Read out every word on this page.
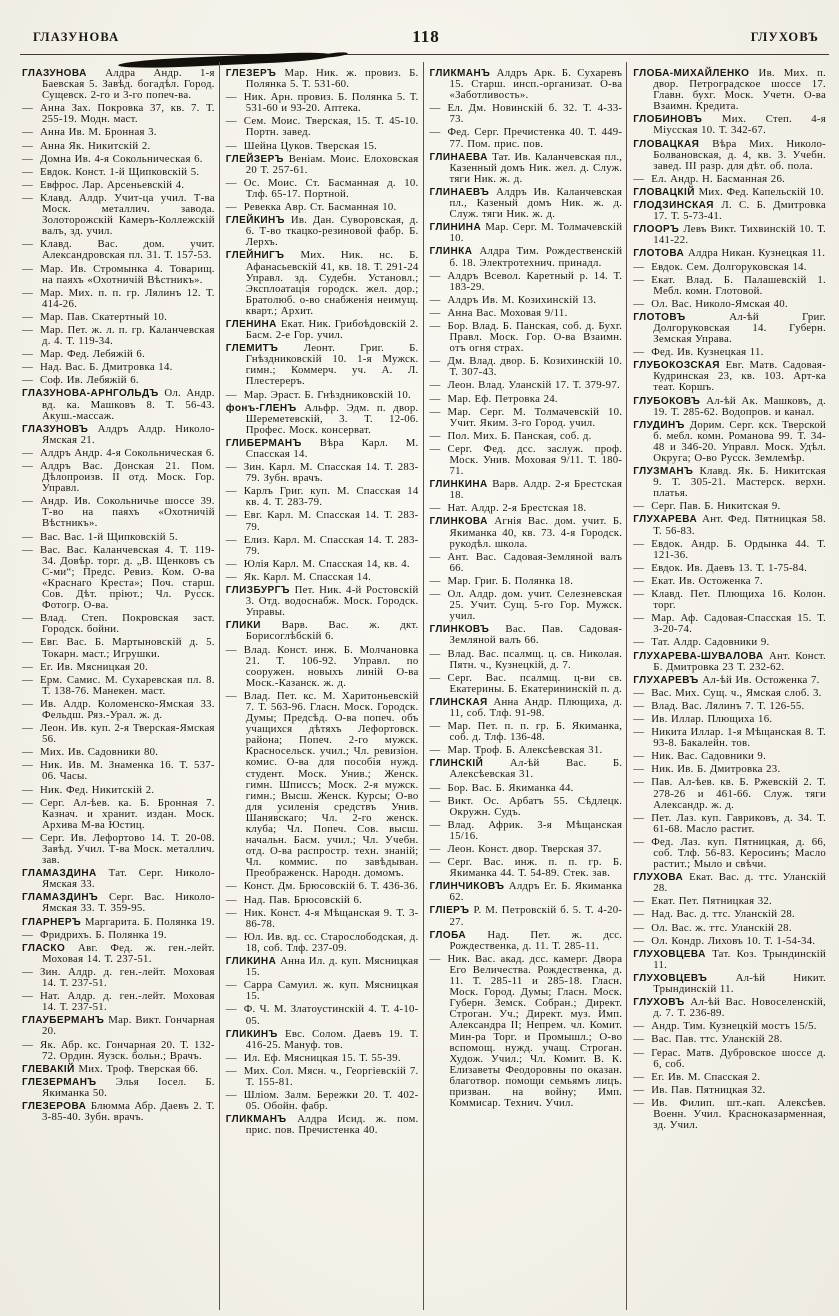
ГЛАЗУНОВА	118	ГЛУХОВЪ

ГЛАЗУНОВА Алдра Андр. 1-я Баевская 5. Завѣд. богадѣл. Город. Сущевск. 2-го и 3-го попеч-ва.

— Анна Зах. Покровка 37, кв. 7. Т. 255-19. Модн. маст.

— Анна Ив. М. Бронная 3.

— Анна Як. Никитскій 2.

— Домна Ив. 4-я Сокольническая 6.

— Евдок. Конст. 1-й Щипковскій 5.

— Евфрос. Лар. Арсеньевскій 4.

— Клавд. Алдр. Учит-ца учил. Т-ва Моск. металлич. завода. Золоторожскій Камеръ-Коллежскій валъ, зд. учил.

— Клавд. Вас. дом. учит. Александровская пл. 31. Т. 157-53.

— Мар. Ив. Стромынка 4. Товарищ. на паяхъ «Охотничій Вѣстникъ».

— Мар. Мих. п. п. гр. Лялинъ 12. Т. 414-26.

— Мар. Пав. Скатертный 10.

— Мар. Пет. ж. л. п. гр. Каланчевская д. 4. Т. 119-34.

— Мар. Фед. Лебяжій 6.

— Над. Вас. Б. Дмитровка 14.

— Соф. Ив. Лебяжій 6.

ГЛАЗУНОВА-АРНГОЛЬДЪ Ол. Андр. вд. ка. Машковъ 8. Т. 56-43. Акуш.-массаж.

ГЛАЗУНОВЪ Алдръ Алдр. Николо-Ямская 21.

— Алдръ Андр. 4-я Сокольническая 6.

— Алдръ Вас. Донская 21. Пом. Дѣлопроизв. II отд. Моск. Гор. Управл.

— Андр. Ив. Сокольничье шоссе 39. Т-во на паяхъ «Охотничій Вѣстникъ».

— Вас. Вас. 1-й Щипковскій 5.

— Вас. Вас. Каланчевская 4. Т. 119-34. Довѣр. торг. д. „В. Щенковъ съ С-ми“; Предс. Ревиз. Ком. О-ва «Краснаго Креста»; Поч. старш. Сов. Дѣт. пріют.; Чл. Русск. Фотогр. О-ва.

— Влад. Степ. Покровская заст. Городск. бойни.

— Евг. Вас. Б. Мартыновскій д. 5. Токарн. маст.; Игрушки.

— Ег. Ив. Мясницкая 20.

— Ерм. Самис. М. Сухаревская пл. 8. Т. 138-76. Манекен. маст.

— Ив. Алдр. Коломенско-Ямская 33. Фельдш. Ряз.-Урал. ж. д.

— Леон. Ив. куп. 2-я Тверская-Ямская 56.

— Мих. Ив. Садовники 80.

— Ник. Ив. М. Знаменка 16. Т. 537-06. Часы.

— Ник. Фед. Никитскій 2.

— Серг. Ал-ѣев. ка. Б. Бронная 7. Казнач. и хранит. издан. Моск. Архива М-ва Юстиц.

— Серг. Ив. Лефортово 14. Т. 20-08. Завѣд. Учил. Т-ва Моск. металлич. зав.

ГЛАМАЗДИНА Тат. Серг. Николо-Ямская 33.

ГЛАМАЗДИНЪ Серг. Вас. Николо-Ямская 33. Т. 359-95.

ГЛАРНЕРЪ Маргарита. Б. Полянка 19.

— Фридрихъ. Б. Полянка 19.

ГЛАСКО Авг. Фед. ж. ген.-лейт. Моховая 14. Т. 237-51.

— Зин. Алдр. д. ген.-лейт. Моховая 14. Т. 237-51.

— Нат. Алдр. д. ген.-лейт. Моховая 14. Т. 237-51.

ГЛАУБЕРМАНЪ Мар. Викт. Гончарная 20.

— Як. Абр. кс. Гончарная 20. Т. 132-72. Ордин. Яузск. больн.; Врачъ.

ГЛЕВАКІЙ Мих. Троф. Тверская 66.

ГЛЕЗЕРМАНЪ Элья Іосел. Б. Якиманка 50.

ГЛЕЗЕРОВА Блюмма Абр. Даевъ 2. Т. 3-85-40. Зубн. врачъ.

ГЛЕЗЕРЪ Мар. Ник. ж. провиз. Б. Полянка 5. Т. 531-60.

— Ник. Арн. провиз. Б. Полянка 5. Т. 531-60 и 93-20. Аптека.

— Сем. Моис. Тверская, 15. Т. 45-10. Портн. завед.

— Шейна Цуков. Тверская 15.

ГЛЕЙЗЕРЪ Веніам. Моис. Елоховская 20 Т. 257-61.

— Ос. Моис. Ст. Басманная д. 10. Тлф. 65-17. Портной.

— Ревекка Авр. Ст. Басманная 10.

ГЛЕЙКИНЪ Ив. Дан. Суворовская, д. 6. Т-во ткацко-резиновой фабр. Б. Лерхъ.

ГЛЕЙНИГЪ Мих. Ник. нс. Б. Афанасьевскій 41, кв. 18. Т. 291-24 Управл. зд. Судебн. Установл.; Эксплоатація городск. жел. дор.; Братолюб. о-во снабженія неимущ. кварт.; Архит.

ГЛЕНИНА Екат. Ник. Грибоѣдовскій 2. Басм. 2-е Гор. учил.

ГЛЕМИТЪ Леонт. Григ. Б. Гнѣздниковскій 10. 1-я Мужск. гимн.; Коммерч. уч. А. Л. Плестереръ.

— Мар. Эраст. Б. Гнѣздниковскій 10.

фонъ-ГЛЕНЪ Альфр. Эдм. п. двор. Шереметевскій, 3. Т. 12-06. Профес. Моск. консерват.

ГЛИБЕРМАНЪ Вѣра Карл. М. Спасская 14.

— Зин. Карл. М. Спасская 14. Т. 283-79. Зубн. врачъ.

— Карлъ Григ. куп. М. Спасская 14 кв. 4. Т. 283-79.

— Евг. Карл. М. Спасская 14. Т. 283-79.

— Елиз. Карл. М. Спасская 14. Т. 283-79.

— Юлія Карл. М. Спасская 14, кв. 4.

— Як. Карл. М. Спасская 14.

ГЛИЗБУРГЪ Пет. Ник. 4-й Ростовскій 3. Отд. водоснабж. Моск. Городск. Управы.

ГЛИКИ Варв. Вас. ж. дкт. Борисоглѣбскій 6.

— Влад. Конст. инж. Б. Молчановка 21. Т. 106-92. Управл. по сооружен. новыхъ линій О-ва Моск.-Казанск. ж. д.

— Влад. Пет. кс. М. Харитоньевскій 7. Т. 563-96. Гласн. Моск. Городск. Думы; Предсѣд. О-ва попеч. объ учащихся дѣтяхъ Лефортовск. района; Попеч. 2-го мужск. Красносельск. учил.; Чл. ревизіон. комис. О-ва для пособія нужд. студент. Моск. Унив.; Женск. гимн. Шписсъ; Моск. 2-я мужск. гимн.; Высш. Женск. Курсы; О-во для усиленія средствъ Унив. Шанявскаго; Чл. 2-го женск. клуба; Чл. Попеч. Сов. высш. начальн. Басм. учил.; Чл. Учебн. отд. О-ва распростр. техн. знаній; Чл. коммис. по завѣдыван. Преображенск. Народн. домомъ.

— Конст. Дм. Брюсовскій 6. Т. 436-36.

— Над. Пав. Брюсовскій 6.

— Ник. Конст. 4-я Мѣщанская 9. Т. 3-86-78.

— Юл. Ив. вд. сс. Старослободская, д. 18, соб. Тлф. 237-09.

ГЛИКИНА Анна Ил. д. куп. Мясницкая 15.

— Сарра Самуил. ж. куп. Мясницкая 15.

— Ф. Ч. М. Златоустинскій 4. Т. 4-10-05.

ГЛИКИНЪ Евс. Солом. Даевъ 19. Т. 416-25. Мануф. тов.

— Ил. Еф. Мясницкая 15. Т. 55-39.

— Мих. Сол. Мясн. ч., Георгіевскій 7. Т. 155-81.

— Шліом. Залм. Бережки 20. Т. 402-05. Обойн. фабр.

ГЛИКМАНЪ Алдра Исид. ж. пом. прис. пов. Пречистенка 40.

ГЛИКМАНЪ Алдръ Арк. Б. Сухаревъ 15. Старш. инсп.-организат. О-ва «Заботливость».

— Ел. Дм. Новинскій б. 32. Т. 4-33-73.

— Фед. Серг. Пречистенка 40. Т. 449-77. Пом. прис. пов.

ГЛИНАЕВА Тат. Ив. Каланчевская пл., Казенный домъ Ник. жел. д. Служ. тяги Ник. ж. д.

ГЛИНАЕВЪ Алдръ Ив. Каланчевская пл., Казеный домъ Ник. ж. д. Служ. тяги Ник. ж. д.

ГЛИНИНА Мар. Серг. М. Толмачевскій 10.

ГЛИНКА Алдра Тим. Рождественскій б. 18. Электротехнич. принадл.

— Алдръ Всевол. Каретный р. 14. Т. 183-29.

— Алдръ Ив. М. Козихинскій 13.

— Анна Вас. Моховая 9/11.

— Бор. Влад. Б. Панская, соб. д. Бухг. Правл. Моск. Гор. О-ва Взаимн. отъ огня страх.

— Дм. Влад. двор. Б. Козихинскій 10. Т. 307-43.

— Леон. Влад. Уланскій 17. Т. 379-97.

— Мар. Еф. Петровка 24.

— Мар. Серг. М. Толмачевскій 10. Учит. Яким. 3-го Город. учил.

— Пол. Мих. Б. Панская, соб. д.

— Серг. Фед. дсс. заслуж. проф. Моск. Унив. Моховая 9/11. Т. 180-71.

ГЛИНКИНА Варв. Алдр. 2-я Брестская 18.

— Нат. Алдр. 2-я Брестская 18.

ГЛИНКОВА Агнія Вас. дом. учит. Б. Якиманка 40, кв. 73. 4-я Городск. рукодѣл. школа.

— Ант. Вас. Садовая-Земляной валъ 66.

— Мар. Григ. Б. Полянка 18.

— Ол. Алдр. дом. учит. Селезневская 25. Учит. Сущ. 5-го Гор. Мужск. учил.

ГЛИНКОВЪ Вас. Пав. Садовая-Земляной валъ 66.

— Влад. Вас. псалмщ. ц. св. Николая. Пятн. ч., Кузнецкій, д. 7.

— Серг. Вас. псалмщ. ц-ви св. Екатерины. Б. Екатерининскій п. д.

ГЛИНСКАЯ Анна Андр. Плющиха, д. 11, соб. Тлф. 91-98.

— Мар. Пет. п. п. гр. Б. Якиманка, соб. д. Тлф. 136-48.

— Мар. Троф. Б. Алексѣевская 31.

ГЛИНСКІЙ Ал-ѣй Вас. Б. Алексѣевская 31.

— Бор. Вас. Б. Якиманка 44.

— Викт. Ос. Арбатъ 55. Сѣдлецк. Окружн. Судъ.

— Влад. Африк. 3-я Мѣщанская 15/16.

— Леон. Конст. двор. Тверская 37.

— Серг. Вас. инж. п. п. гр. Б. Якиманка 44. Т. 54-89. Стек. зав.

ГЛИНЧИКОВЪ Алдръ Ег. Б. Якиманка 62.

ГЛІЕРЪ Р. М. Петровскій б. 5. Т. 4-20-27.

ГЛОБА Над. Пет. ж. дсс. Рождественка, д. 11. Т. 285-11.

— Ник. Вас. акад. дсс. камерг. Двора Его Величества. Рождественка, д. 11. Т. 285-11 и 285-18. Гласн. Моск. Город. Думы; Гласн. Моск. Губерн. Земск. Собран.; Директ. Строган. Уч.; Директ. муз. Имп. Александра II; Непрем. чл. Комит. Мин-ра Торг. и Промышл.; О-во вспомощ. нужд. учащ. Строган. Худож. Учил.; Чл. Комит. В. К. Елизаветы Феодоровны по оказан. благотвор. помощи семьямъ лицъ. призван. на войну; Имп. Коммисар. Технич. Учил.

ГЛОБА-МИХАЙЛЕНКО Ив. Мих. п. двор. Петроградское шоссе 17. Главн. бухг. Моск. Учетн. О-ва Взаимн. Кредита.

ГЛОБИНОВЪ Мих. Степ. 4-я Міусская 10. Т. 342-67.

ГЛОВАЦКАЯ Вѣра Мих. Николо-Болвановская, д. 4, кв. 3. Учебн. завед. III разр. для дѣт. об. пола.

— Ел. Андр. Н. Басманная 26.

ГЛОВАЦКІЙ Мих. Фед. Капельскій 10.

ГЛОДЗИНСКАЯ Л. С. Б. Дмитровка 17. Т. 5-73-41.

ГЛООРЪ Левъ Викт. Тихвинскій 10. Т. 141-22.

ГЛОТОВА Алдра Никан. Кузнецкая 11.

— Евдок. Сем. Долгоруковская 14.

— Екат. Влад. Б. Палашевскій 1. Мебл. комн. Глотовой.

— Ол. Вас. Николо-Ямская 40.

ГЛОТОВЪ Ал-ѣй Григ. Долгоруковская 14. Губерн. Земская Управа.

— Фед. Ив. Кузнецкая 11.

ГЛУБОКОЗСКАЯ Евг. Матв. Садовая-Кудринская 23, кв. 103. Арт-ка теат. Коршъ.

ГЛУБОКОВЪ Ал-ѣй Ак. Машковъ, д. 19. Т. 285-62. Водопров. и канал.

ГЛУДИНЪ Дорим. Серг. кск. Тверской б. мебл. комн. Романова 99. Т. 34-48 и 346-20. Управл. Моск. Удѣл. Округа; О-во Русск. Землемѣр.

ГЛУЗМАНЪ Клавд. Як. Б. Никитская 9. Т. 305-21. Мастерск. верхн. платья.

— Серг. Пав. Б. Никитская 9.

ГЛУХАРЕВА Ант. Фед. Пятницкая 58. Т. 56-83.

— Евдок. Андр. Б. Ордынка 44. Т. 121-36.

— Евдок. Ив. Даевъ 13. Т. 1-75-84.

— Екат. Ив. Остоженка 7.

— Клавд. Пет. Плющиха 16. Колон. торг.

— Мар. Аф. Садовая-Спасская 15. Т. 3-20-74.

— Тат. Алдр. Садовники 9.

ГЛУХАРЕВА-ШУВАЛОВА Ант. Конст. Б. Дмитровка 23 Т. 232-62.

ГЛУХАРЕВЪ Ал-ѣй Ив. Остоженка 7.

— Вас. Мих. Сущ. ч., Ямская слоб. 3.

— Влад. Вас. Лялинъ 7. Т. 126-55.

— Ив. Иллар. Плющиха 16.

— Никита Иллар. 1-я Мѣщанская 8. Т. 93-8. Бакалейн. тов.

— Ник. Вас. Садовники 9.

— Ник. Ив. Б. Дмитровка 23.

— Пав. Ал-ѣев. кв. Б. Ржевскій 2. Т. 278-26 и 461-66. Служ. тяги Александр. ж. д.

— Пет. Лаз. куп. Гавриковъ, д. 34. Т. 61-68. Масло растит.

— Фед. Лаз. куп. Пятницкая, д. 66, соб. Тлф. 56-83. Керосинъ; Масло растит.; Мыло и свѣчи.

ГЛУХОВА Екат. Вас. д. ттс. Уланскій 28.

— Екат. Пет. Пятницкая 32.

— Над. Вас. д. ттс. Уланскій 28.

— Ол. Вас. ж. ттс. Уланскій 28.

— Ол. Кондр. Лиховъ 10. Т. 1-54-34.

ГЛУХОВЦЕВА Тат. Коз. Трындинскій 11.

ГЛУХОВЦЕВЪ Ал-ѣй Никит. Трындинскій 11.

ГЛУХОВЪ Ал-ѣй Вас. Новоселенскій, д. 7. Т. 236-89.

— Андр. Тим. Кузнецкій мостъ 15/5.

— Вас. Пав. ттс. Уланскій 28.

— Герас. Матв. Дубровское шоссе д. 6, соб.

— Ег. Ив. М. Спасская 2.

— Ив. Пав. Пятницкая 32.

— Ив. Филип. шт.-кап. Алексѣев. Военн. Учил. Красноказарменная, зд. Учил.
